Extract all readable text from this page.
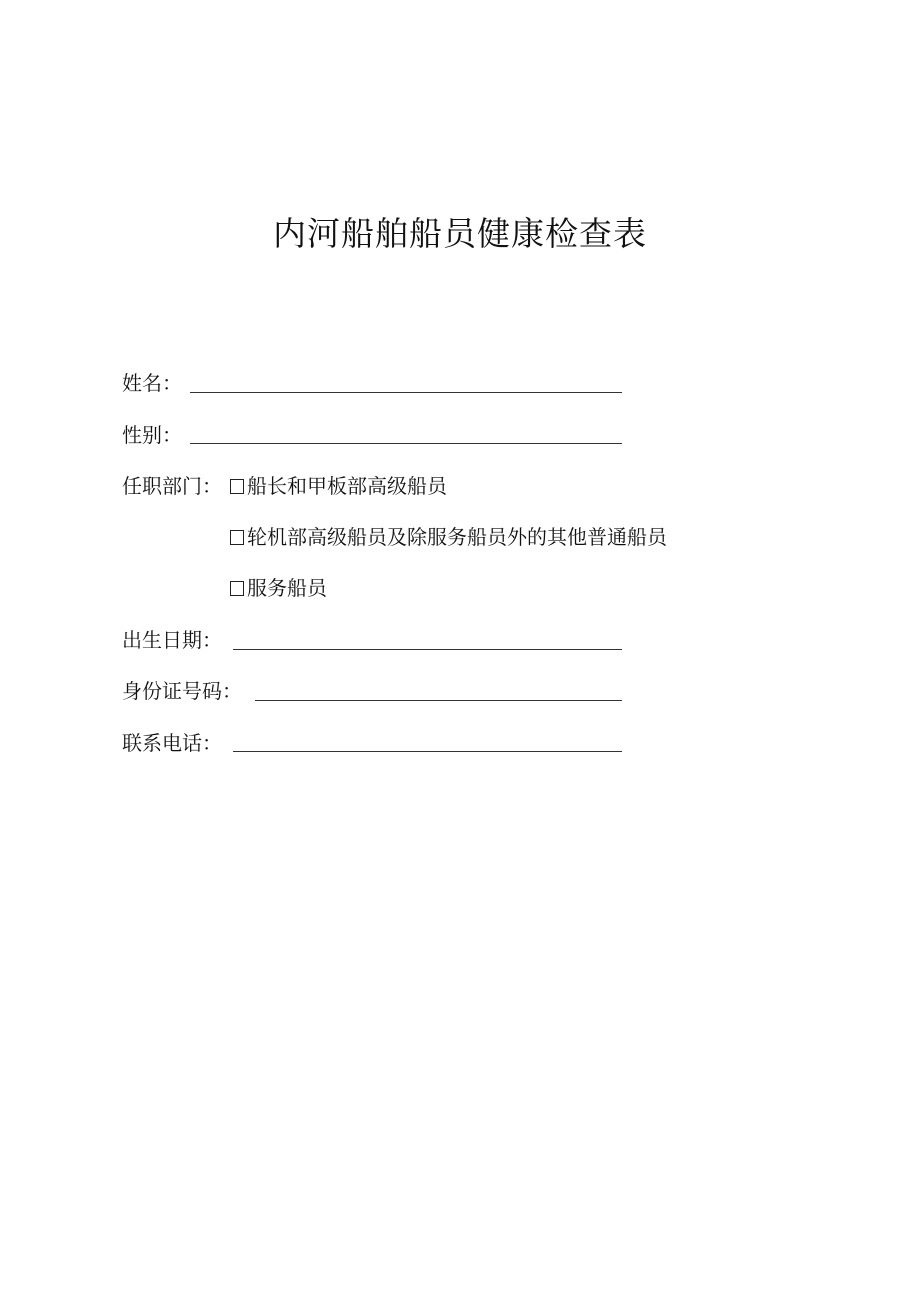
内河船舶船员健康检查表
姓名：
性别：
任职部门： 船长和甲板部高级船员
轮机部高级船员及除服务船员外的其他普通船员
服务船员
出生日期：
身份证号码：
联系电话：
